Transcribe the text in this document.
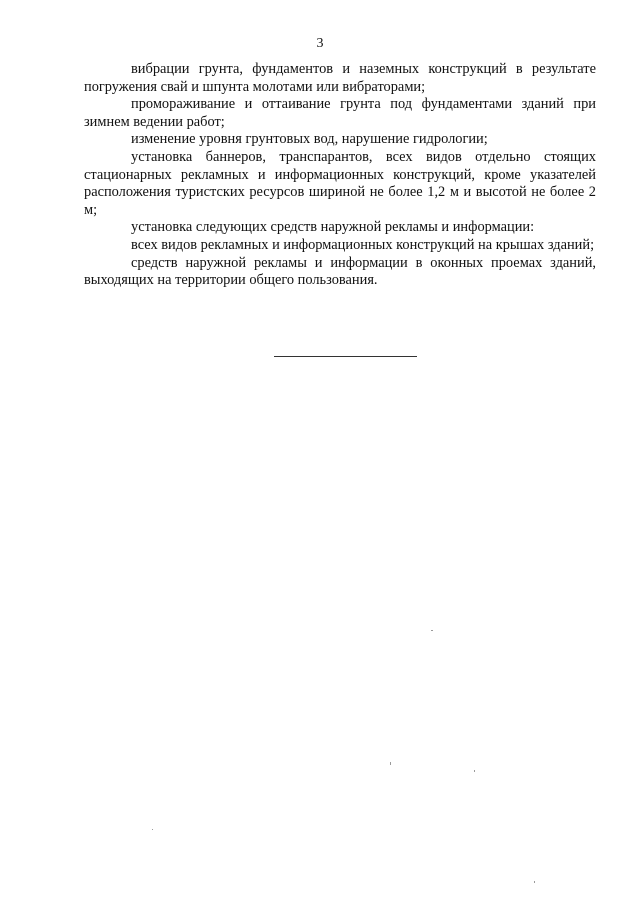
3

вибрации грунта, фундаментов и наземных конструкций в результате погружения свай и шпунта молотами или вибраторами;

промораживание и оттаивание грунта под фундаментами зданий при зимнем ведении работ;

изменение уровня грунтовых вод, нарушение гидрологии;

установка баннеров, транспарантов, всех видов отдельно стоящих стационарных рекламных и информационных конструкций, кроме указателей расположения туристских ресурсов шириной не более 1,2 м и высотой не более 2 м;

установка следующих средств наружной рекламы и информации:

всех видов рекламных и информационных конструкций на крышах зданий;

средств наружной рекламы и информации в оконных проемах зданий, выходящих на территории общего пользования.
